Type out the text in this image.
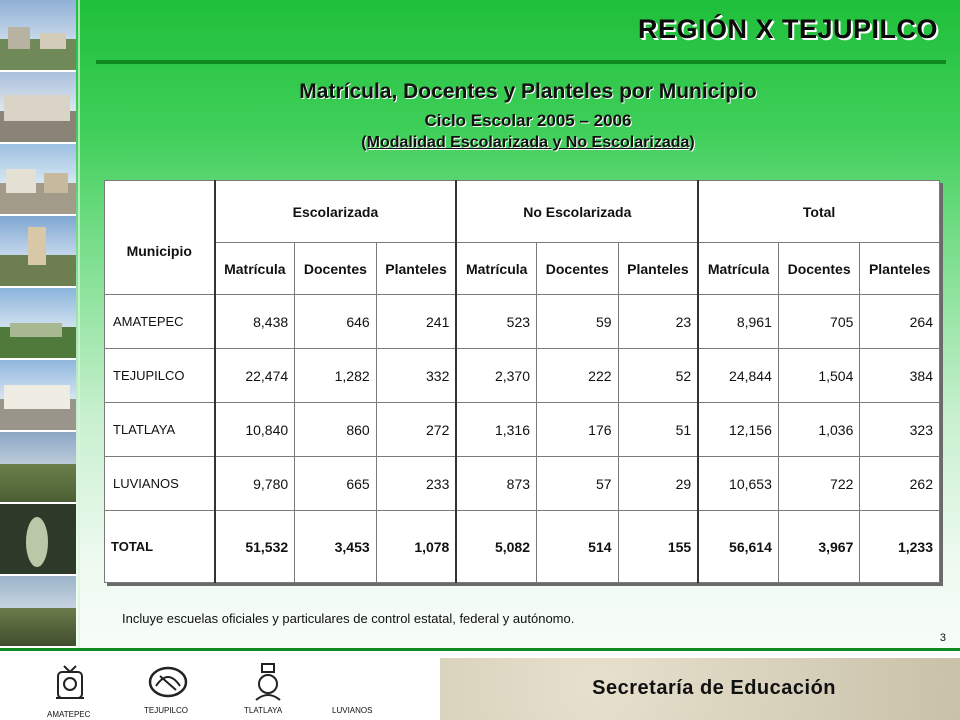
REGIÓN X TEJUPILCO
Matrícula, Docentes y Planteles por Municipio
Ciclo Escolar 2005 – 2006
(Modalidad Escolarizada y No Escolarizada)
Municipio	Escolarizada			No Escolarizada			Total		
	Matrícula	Docentes	Planteles	Matrícula	Docentes	Planteles	Matrícula	Docentes	Planteles
AMATEPEC	8,438	646	241	523	59	23	8,961	705	264
TEJUPILCO	22,474	1,282	332	2,370	222	52	24,844	1,504	384
TLATLAYA	10,840	860	272	1,316	176	51	12,156	1,036	323
LUVIANOS	9,780	665	233	873	57	29	10,653	722	262
TOTAL	51,532	3,453	1,078	5,082	514	155	56,614	3,967	1,233
Incluye escuelas oficiales y particulares de control estatal, federal y autónomo.
3
Secretaría de Educación
AMATEPEC	TEJUPILCO	TLATLAYA	LUVIANOS
